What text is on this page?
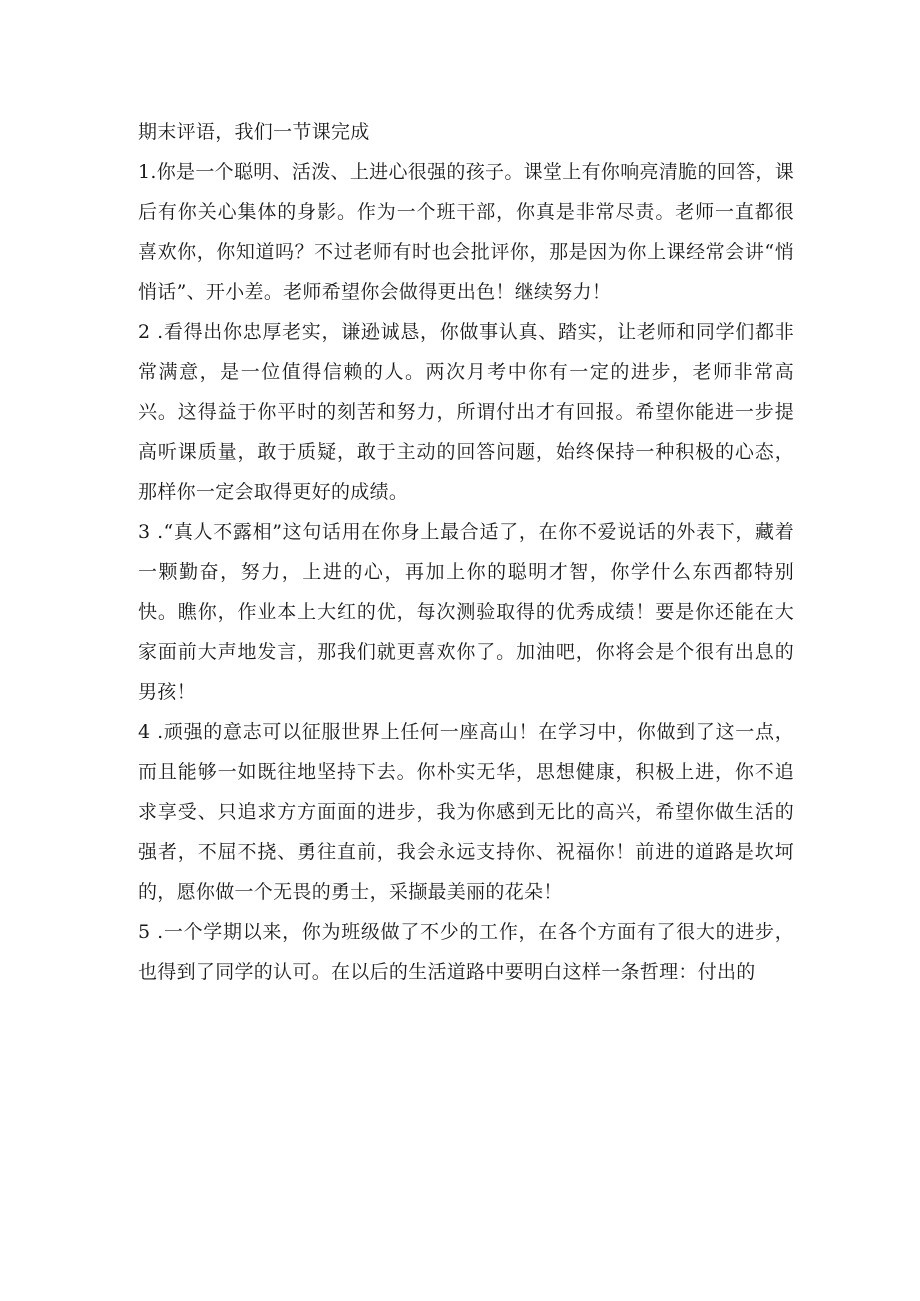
期末评语，我们一节课完成

1.你是一个聪明、活泼、上进心很强的孩子。课堂上有你响亮清脆的回答，课后有你关心集体的身影。作为一个班干部，你真是非常尽责。老师一直都很喜欢你，你知道吗？不过老师有时也会批评你，那是因为你上课经常会讲“悄悄话”、开小差。老师希望你会做得更出色！继续努力！

2 .看得出你忠厚老实，谦逊诚恳，你做事认真、踏实，让老师和同学们都非常满意，是一位值得信赖的人。两次月考中你有一定的进步，老师非常高兴。这得益于你平时的刻苦和努力，所谓付出才有回报。希望你能进一步提高听课质量，敢于质疑，敢于主动的回答问题，始终保持一种积极的心态，那样你一定会取得更好的成绩。

3 .“真人不露相”这句话用在你身上最合适了，在你不爱说话的外表下，藏着一颗勤奋，努力，上进的心，再加上你的聪明才智，你学什么东西都特别快。瞧你，作业本上大红的优，每次测验取得的优秀成绩！要是你还能在大家面前大声地发言，那我们就更喜欢你了。加油吧，你将会是个很有出息的男孩！

4 .顽强的意志可以征服世界上任何一座高山！在学习中，你做到了这一点，而且能够一如既往地坚持下去。你朴实无华，思想健康，积极上进，你不追求享受、只追求方方面面的进步，我为你感到无比的高兴，希望你做生活的强者，不屈不挠、勇往直前，我会永远支持你、祝福你！前进的道路是坎坷的，愿你做一个无畏的勇士，采撷最美丽的花朵！

5 .一个学期以来，你为班级做了不少的工作，在各个方面有了很大的进步，也得到了同学的认可。在以后的生活道路中要明白这样一条哲理：付出的
